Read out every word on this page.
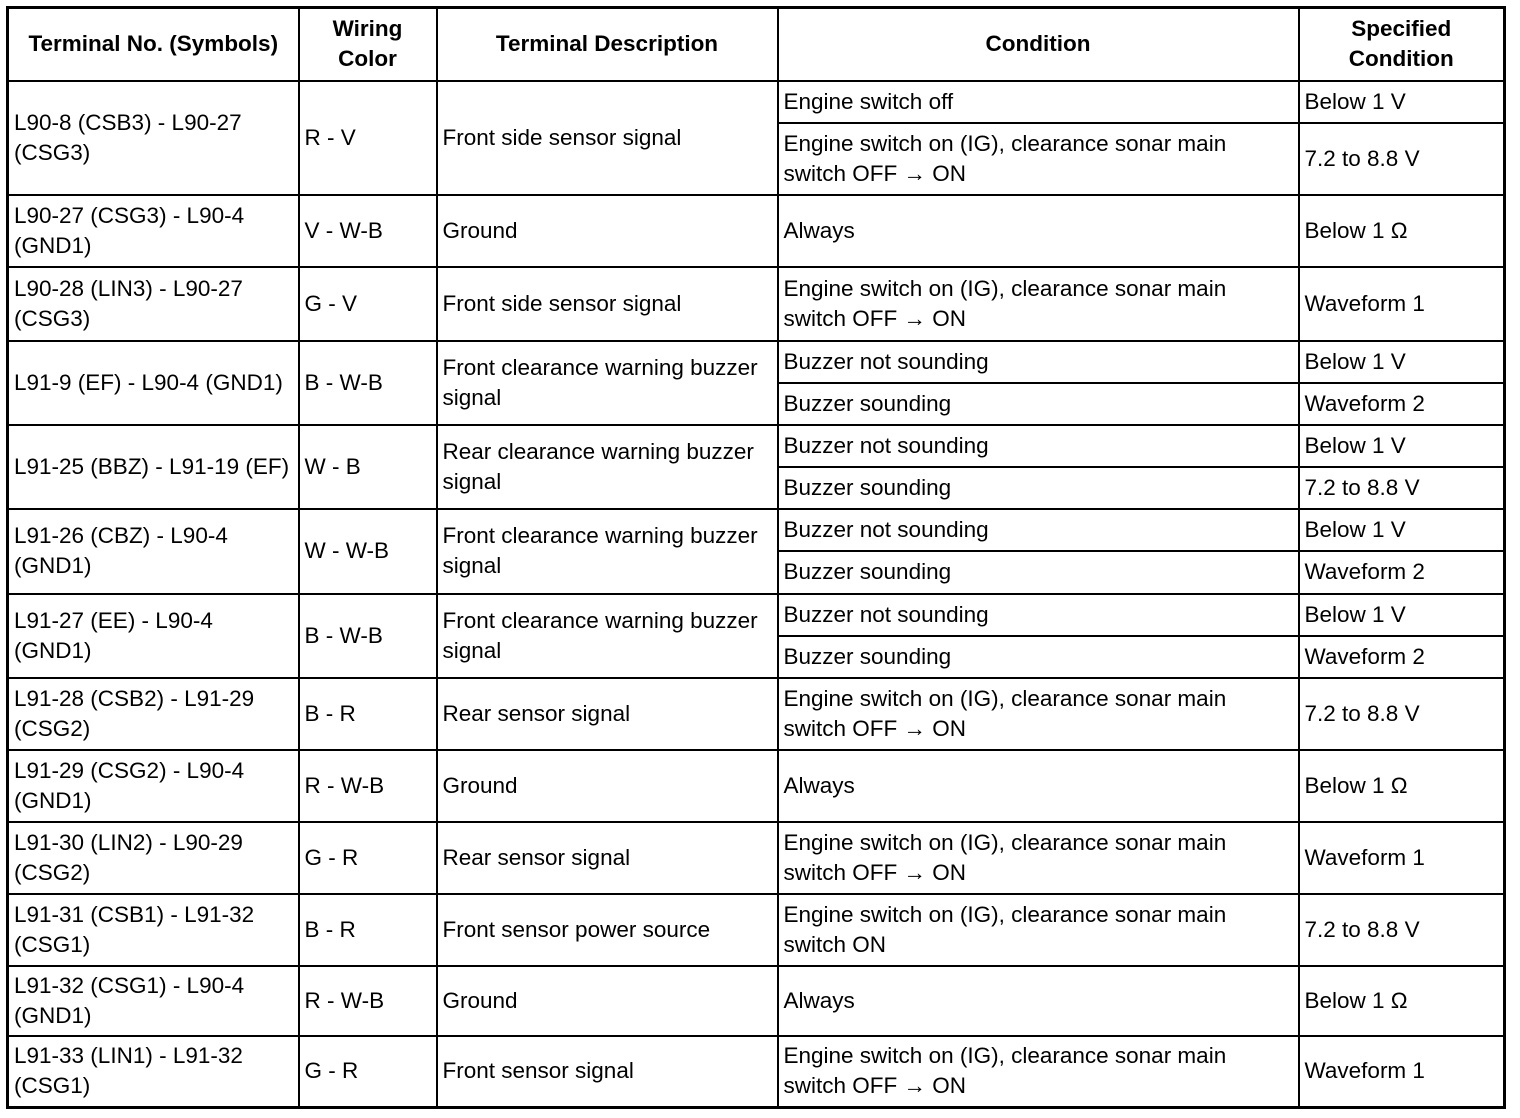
Terminal No. (Symbols)	Wiring Color	Terminal Description	Condition	Specified Condition
L90-8 (CSB3) - L90-27 (CSG3)	R - V	Front side sensor signal	Engine switch off	Below 1 V
			Engine switch on (IG), clearance sonar main switch OFF → ON	7.2 to 8.8 V
L90-27 (CSG3) - L90-4 (GND1)	V - W-B	Ground	Always	Below 1 Ω
L90-28 (LIN3) - L90-27 (CSG3)	G - V	Front side sensor signal	Engine switch on (IG), clearance sonar main switch OFF → ON	Waveform 1
L91-9 (EF) - L90-4 (GND1)	B - W-B	Front clearance warning buzzer signal	Buzzer not sounding	Below 1 V
			Buzzer sounding	Waveform 2
L91-25 (BBZ) - L91-19 (EF)	W - B	Rear clearance warning buzzer signal	Buzzer not sounding	Below 1 V
			Buzzer sounding	7.2 to 8.8 V
L91-26 (CBZ) - L90-4 (GND1)	W - W-B	Front clearance warning buzzer signal	Buzzer not sounding	Below 1 V
			Buzzer sounding	Waveform 2
L91-27 (EE) - L90-4 (GND1)	B - W-B	Front clearance warning buzzer signal	Buzzer not sounding	Below 1 V
			Buzzer sounding	Waveform 2
L91-28 (CSB2) - L91-29 (CSG2)	B - R	Rear sensor signal	Engine switch on (IG), clearance sonar main switch OFF → ON	7.2 to 8.8 V
L91-29 (CSG2) - L90-4 (GND1)	R - W-B	Ground	Always	Below 1 Ω
L91-30 (LIN2) - L90-29 (CSG2)	G - R	Rear sensor signal	Engine switch on (IG), clearance sonar main switch OFF → ON	Waveform 1
L91-31 (CSB1) - L91-32 (CSG1)	B - R	Front sensor power source	Engine switch on (IG), clearance sonar main switch ON	7.2 to 8.8 V
L91-32 (CSG1) - L90-4 (GND1)	R - W-B	Ground	Always	Below 1 Ω
L91-33 (LIN1) - L91-32 (CSG1)	G - R	Front sensor signal	Engine switch on (IG), clearance sonar main switch OFF → ON	Waveform 1
